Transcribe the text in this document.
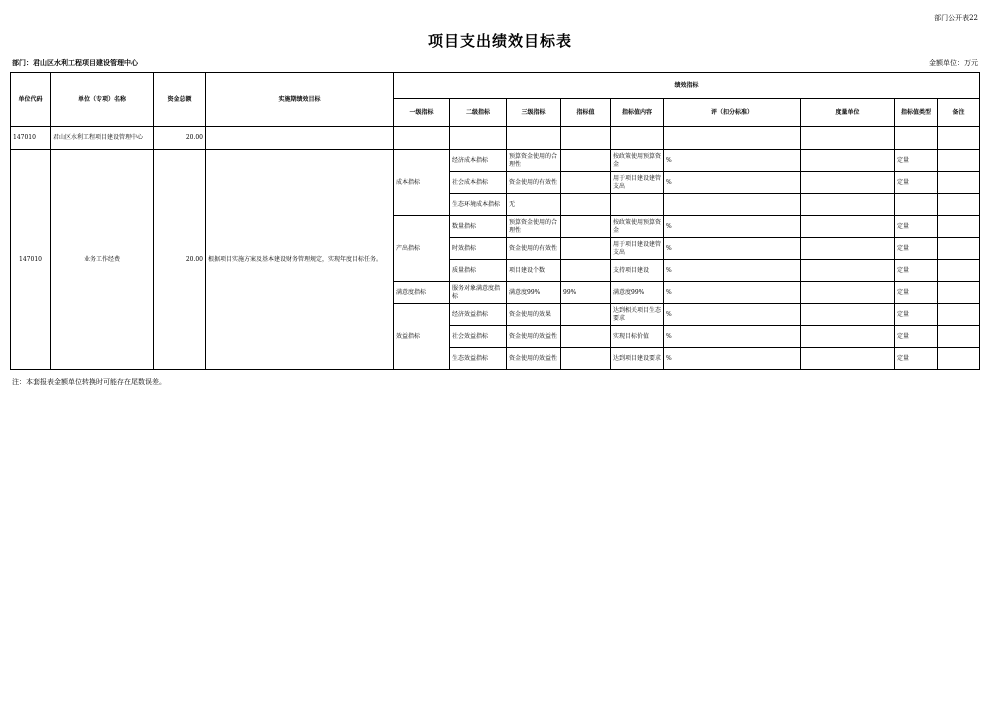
部门公开表22
项目支出绩效目标表
部门：君山区水利工程项目建设管理中心	金额单位：万元
单位代码	单位（专项）名称	资金总额	实施期绩效目标	绩效指标								
				一级指标	二级指标	三级指标	指标值	指标值内容	评（扣分标准）	度量单位	指标值类型	备注
147010	君山区水利工程项目建设管理中心	20.00										
147010	业务工作经费	20.00	根据项目实施方案及基本建设财务管理规定，实现年度目标任务。	成本指标	经济成本指标	预算资金使用的合理性		按政策使用预算资金	%		定量	
					社会成本指标	资金使用的有效性		用于项目建设建管支出	%		定量	
					生态环境成本指标	无						
				产出指标	数量指标	预算资金使用的合理性		按政策使用预算资金	%		定量	
					时效指标	资金使用的有效性		用于项目建设建管支出	%		定量	
					质量指标	项目建设个数		支持项目建设	%		定量	
				满意度指标	服务对象满意度指标	满意度99%	99%	满意度99%	%		定量	
				效益指标	经济效益指标	资金使用的效果		达到相关项目生态要求	%		定量	
					社会效益指标	资金使用的效益性		实现目标价值	%		定量	
					生态效益指标	资金使用的效益性		达到项目建设要求	%		定量	
注：本套报表金额单位转换时可能存在尾数误差。
